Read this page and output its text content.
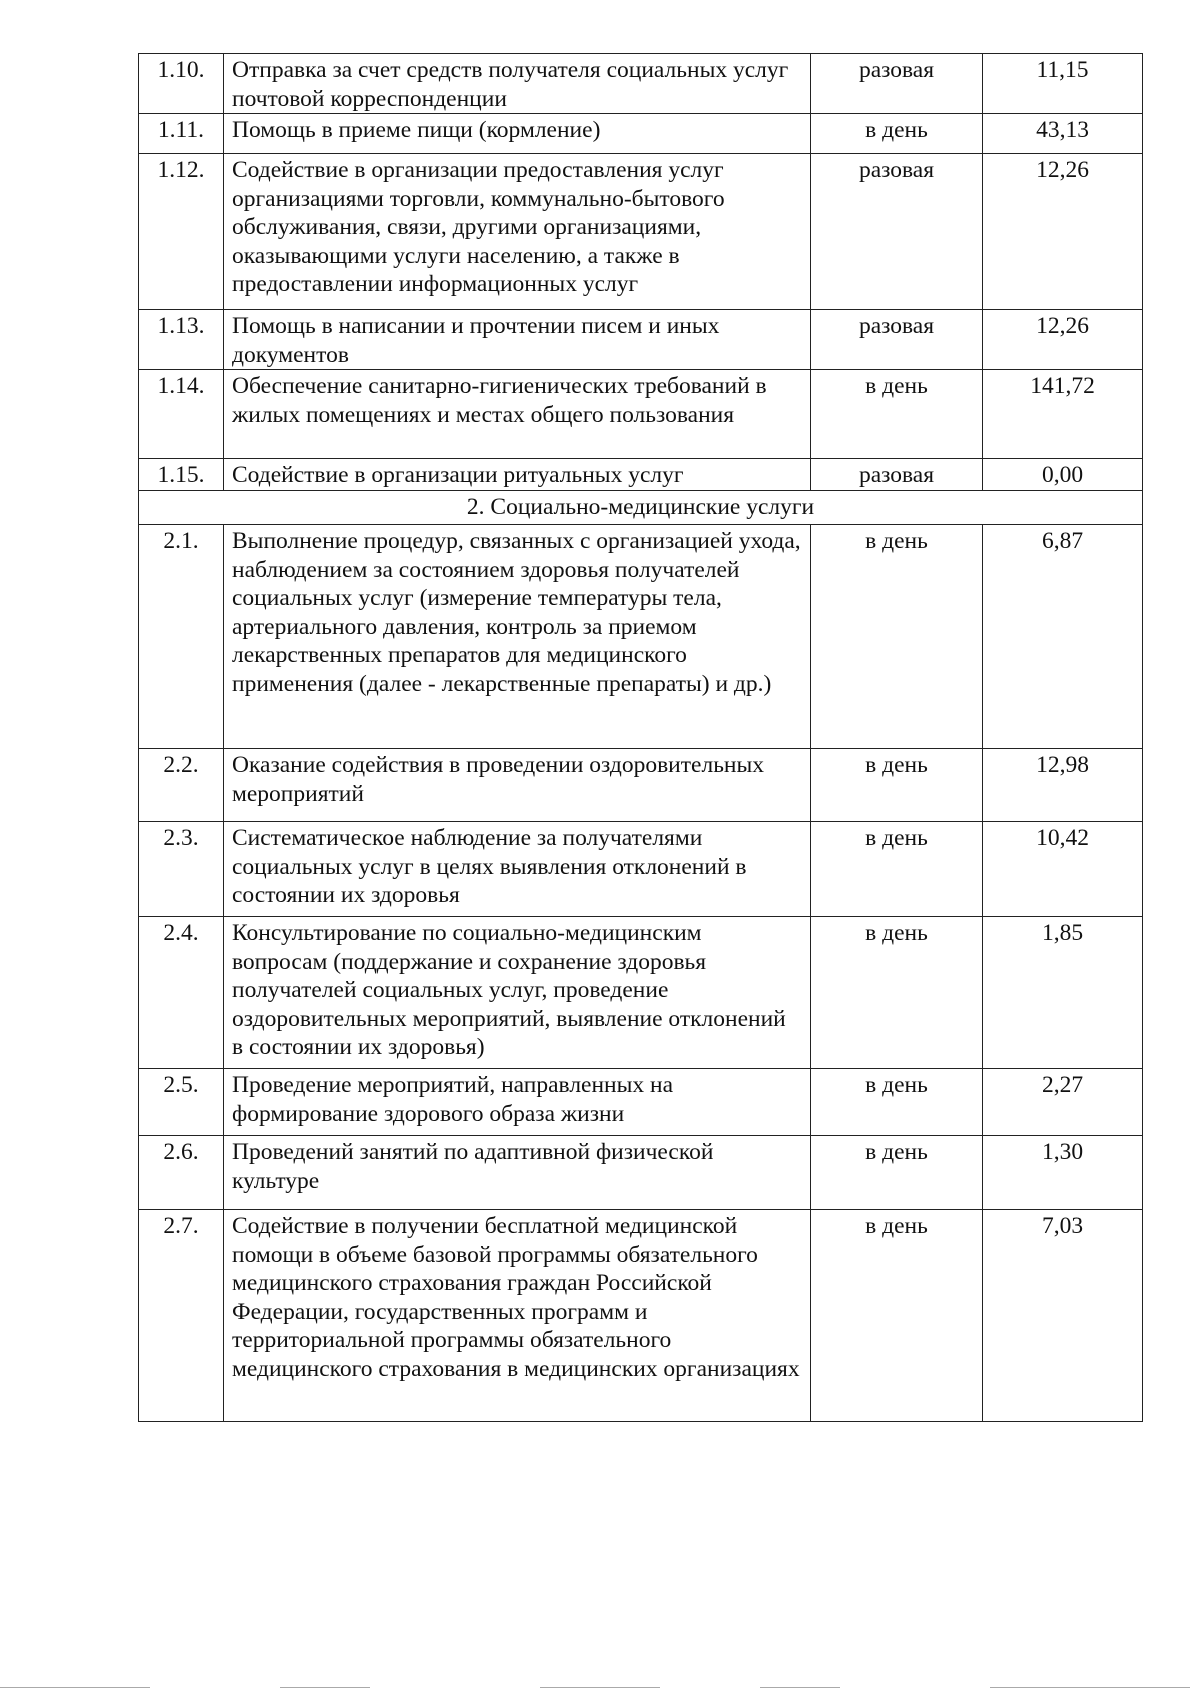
1.10.	Отправка за счет средств получателя социальных услуг почтовой корреспонденции	разовая	11,15
1.11.	Помощь в приеме пищи (кормление)	в день	43,13
1.12.	Содействие в организации предоставления услуг организациями торговли, коммунально-бытового обслуживания, связи, другими организациями, оказывающими услуги населению, а также в предоставлении информационных услуг	разовая	12,26
1.13.	Помощь в написании и прочтении писем и иных документов	разовая	12,26
1.14.	Обеспечение санитарно-гигиенических требований в жилых помещениях и местах общего пользования	в день	141,72
1.15.	Содействие в организации ритуальных услуг	разовая	0,00
2. Социально-медицинские услуги			
2.1.	Выполнение процедур, связанных с организацией ухода, наблюдением за состоянием здоровья получателей социальных услуг (измерение температуры тела, артериального давления, контроль за приемом лекарственных препаратов для медицинского применения (далее - лекарственные препараты) и др.)	в день	6,87
2.2.	Оказание содействия в проведении оздоровительных мероприятий	в день	12,98
2.3.	Систематическое наблюдение за получателями социальных услуг в целях выявления отклонений в состоянии их здоровья	в день	10,42
2.4.	Консультирование по социально-медицинским вопросам (поддержание и сохранение здоровья получателей социальных услуг, проведение оздоровительных мероприятий, выявление отклонений в состоянии их здоровья)	в день	1,85
2.5.	Проведение мероприятий, направленных на формирование здорового образа жизни	в день	2,27
2.6.	Проведений занятий по адаптивной физической культуре	в день	1,30
2.7.	Содействие в получении бесплатной медицинской помощи в объеме базовой программы обязательного медицинского страхования граждан Российской Федерации, государственных программ и территориальной программы обязательного медицинского страхования в медицинских организациях	в день	7,03
